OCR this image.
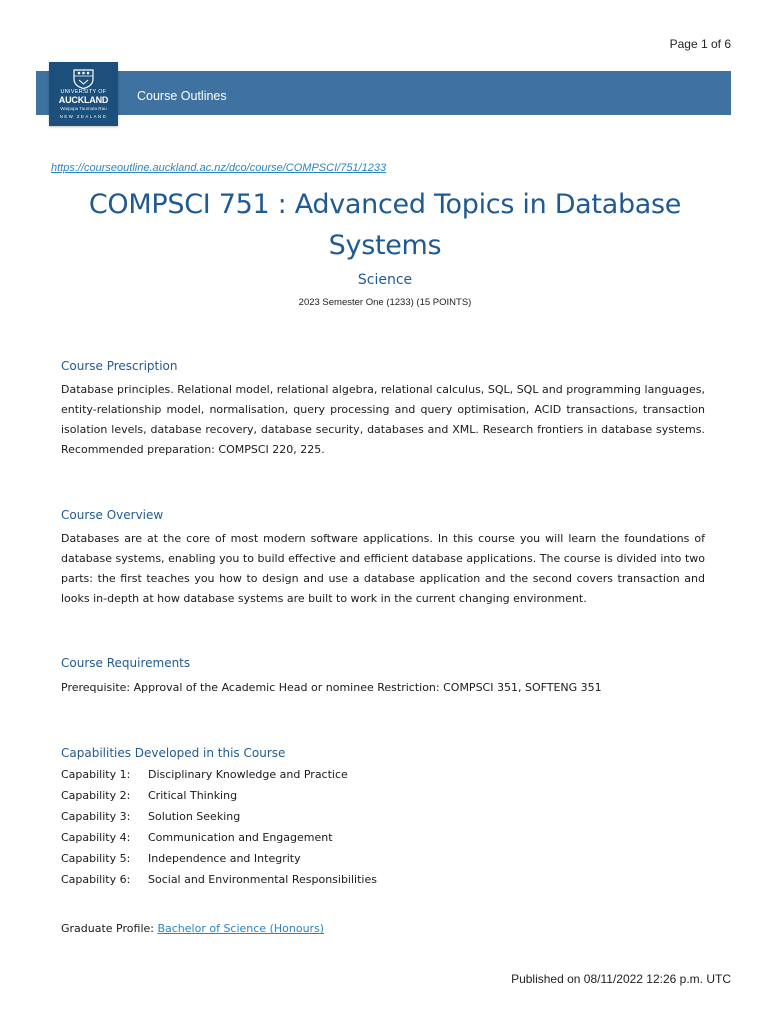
Page 1 of 6
Course Outlines
UNIVERSITY OF
AUCKLAND
Waipapa Taumata Rau
NEW ZEALAND
https://courseoutline.auckland.ac.nz/dco/course/COMPSCI/751/1233
COMPSCI 751 : Advanced Topics in Database Systems
Science
2023 Semester One (1233) (15 POINTS)
Course Prescription
Database principles. Relational model, relational algebra, relational calculus, SQL, SQL and programming languages, entity-relationship model, normalisation, query processing and query optimisation, ACID transactions, transaction isolation levels, database recovery, database security, databases and XML. Research frontiers in database systems. Recommended preparation: COMPSCI 220, 225.
Course Overview
Databases are at the core of most modern software applications. In this course you will learn the foundations of database systems, enabling you to build effective and efficient database applications. The course is divided into two parts: the first teaches you how to design and use a database application and the second covers transaction and looks in-depth at how database systems are built to work in the current changing environment.
Course Requirements
Prerequisite: Approval of the Academic Head or nominee Restriction: COMPSCI 351, SOFTENG 351
Capabilities Developed in this Course
Capability 1: Disciplinary Knowledge and Practice
Capability 2: Critical Thinking
Capability 3: Solution Seeking
Capability 4: Communication and Engagement
Capability 5: Independence and Integrity
Capability 6: Social and Environmental Responsibilities
Graduate Profile: Bachelor of Science (Honours)
Published on 08/11/2022 12:26 p.m. UTC
